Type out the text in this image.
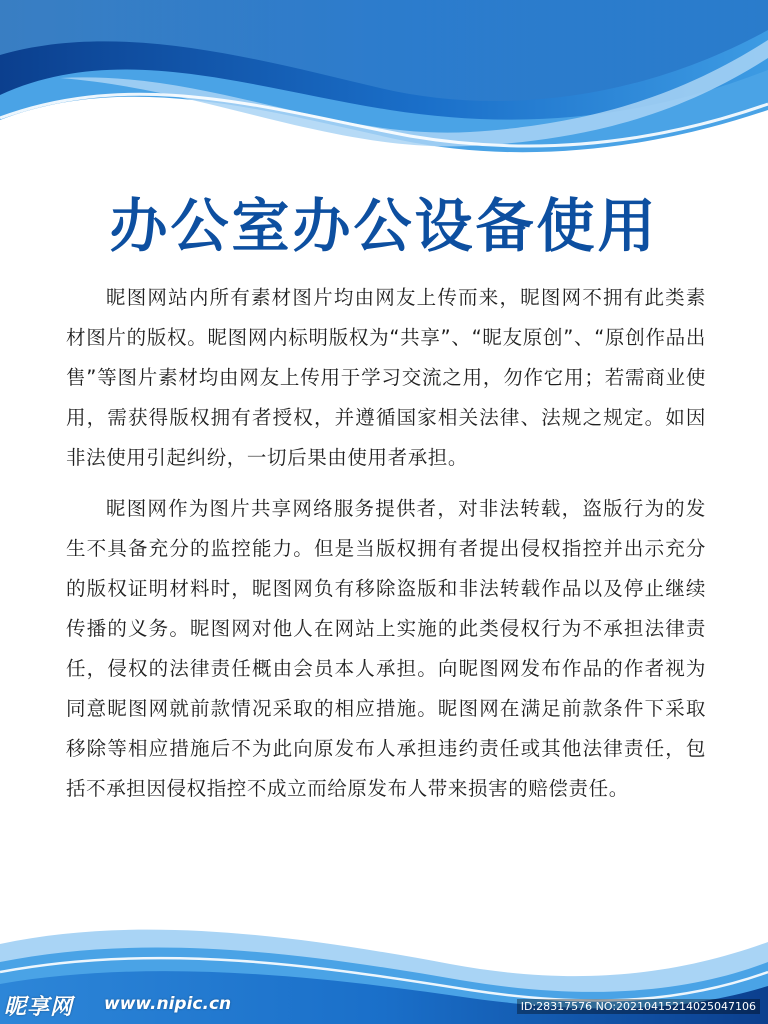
办公室办公设备使用

昵图网站内所有素材图片均由网友上传而来，昵图网不拥有此类素材图片的版权。昵图网内标明版权为“共享”、“昵友原创”、“原创作品出售”等图片素材均由网友上传用于学习交流之用，勿作它用；若需商业使用，需获得版权拥有者授权，并遵循国家相关法律、法规之规定。如因非法使用引起纠纷，一切后果由使用者承担。

昵图网作为图片共享网络服务提供者，对非法转载，盗版行为的发生不具备充分的监控能力。但是当版权拥有者提出侵权指控并出示充分的版权证明材料时，昵图网负有移除盗版和非法转载作品以及停止继续传播的义务。昵图网对他人在网站上实施的此类侵权行为不承担法律责任，侵权的法律责任概由会员本人承担。向昵图网发布作品的作者视为同意昵图网就前款情况采取的相应措施。昵图网在满足前款条件下采取移除等相应措施后不为此向原发布人承担违约责任或其他法律责任，包括不承担因侵权指控不成立而给原发布人带来损害的赔偿责任。

昵享网 www.nipic.cn	ID:28317576 NO:20210415214025047106
